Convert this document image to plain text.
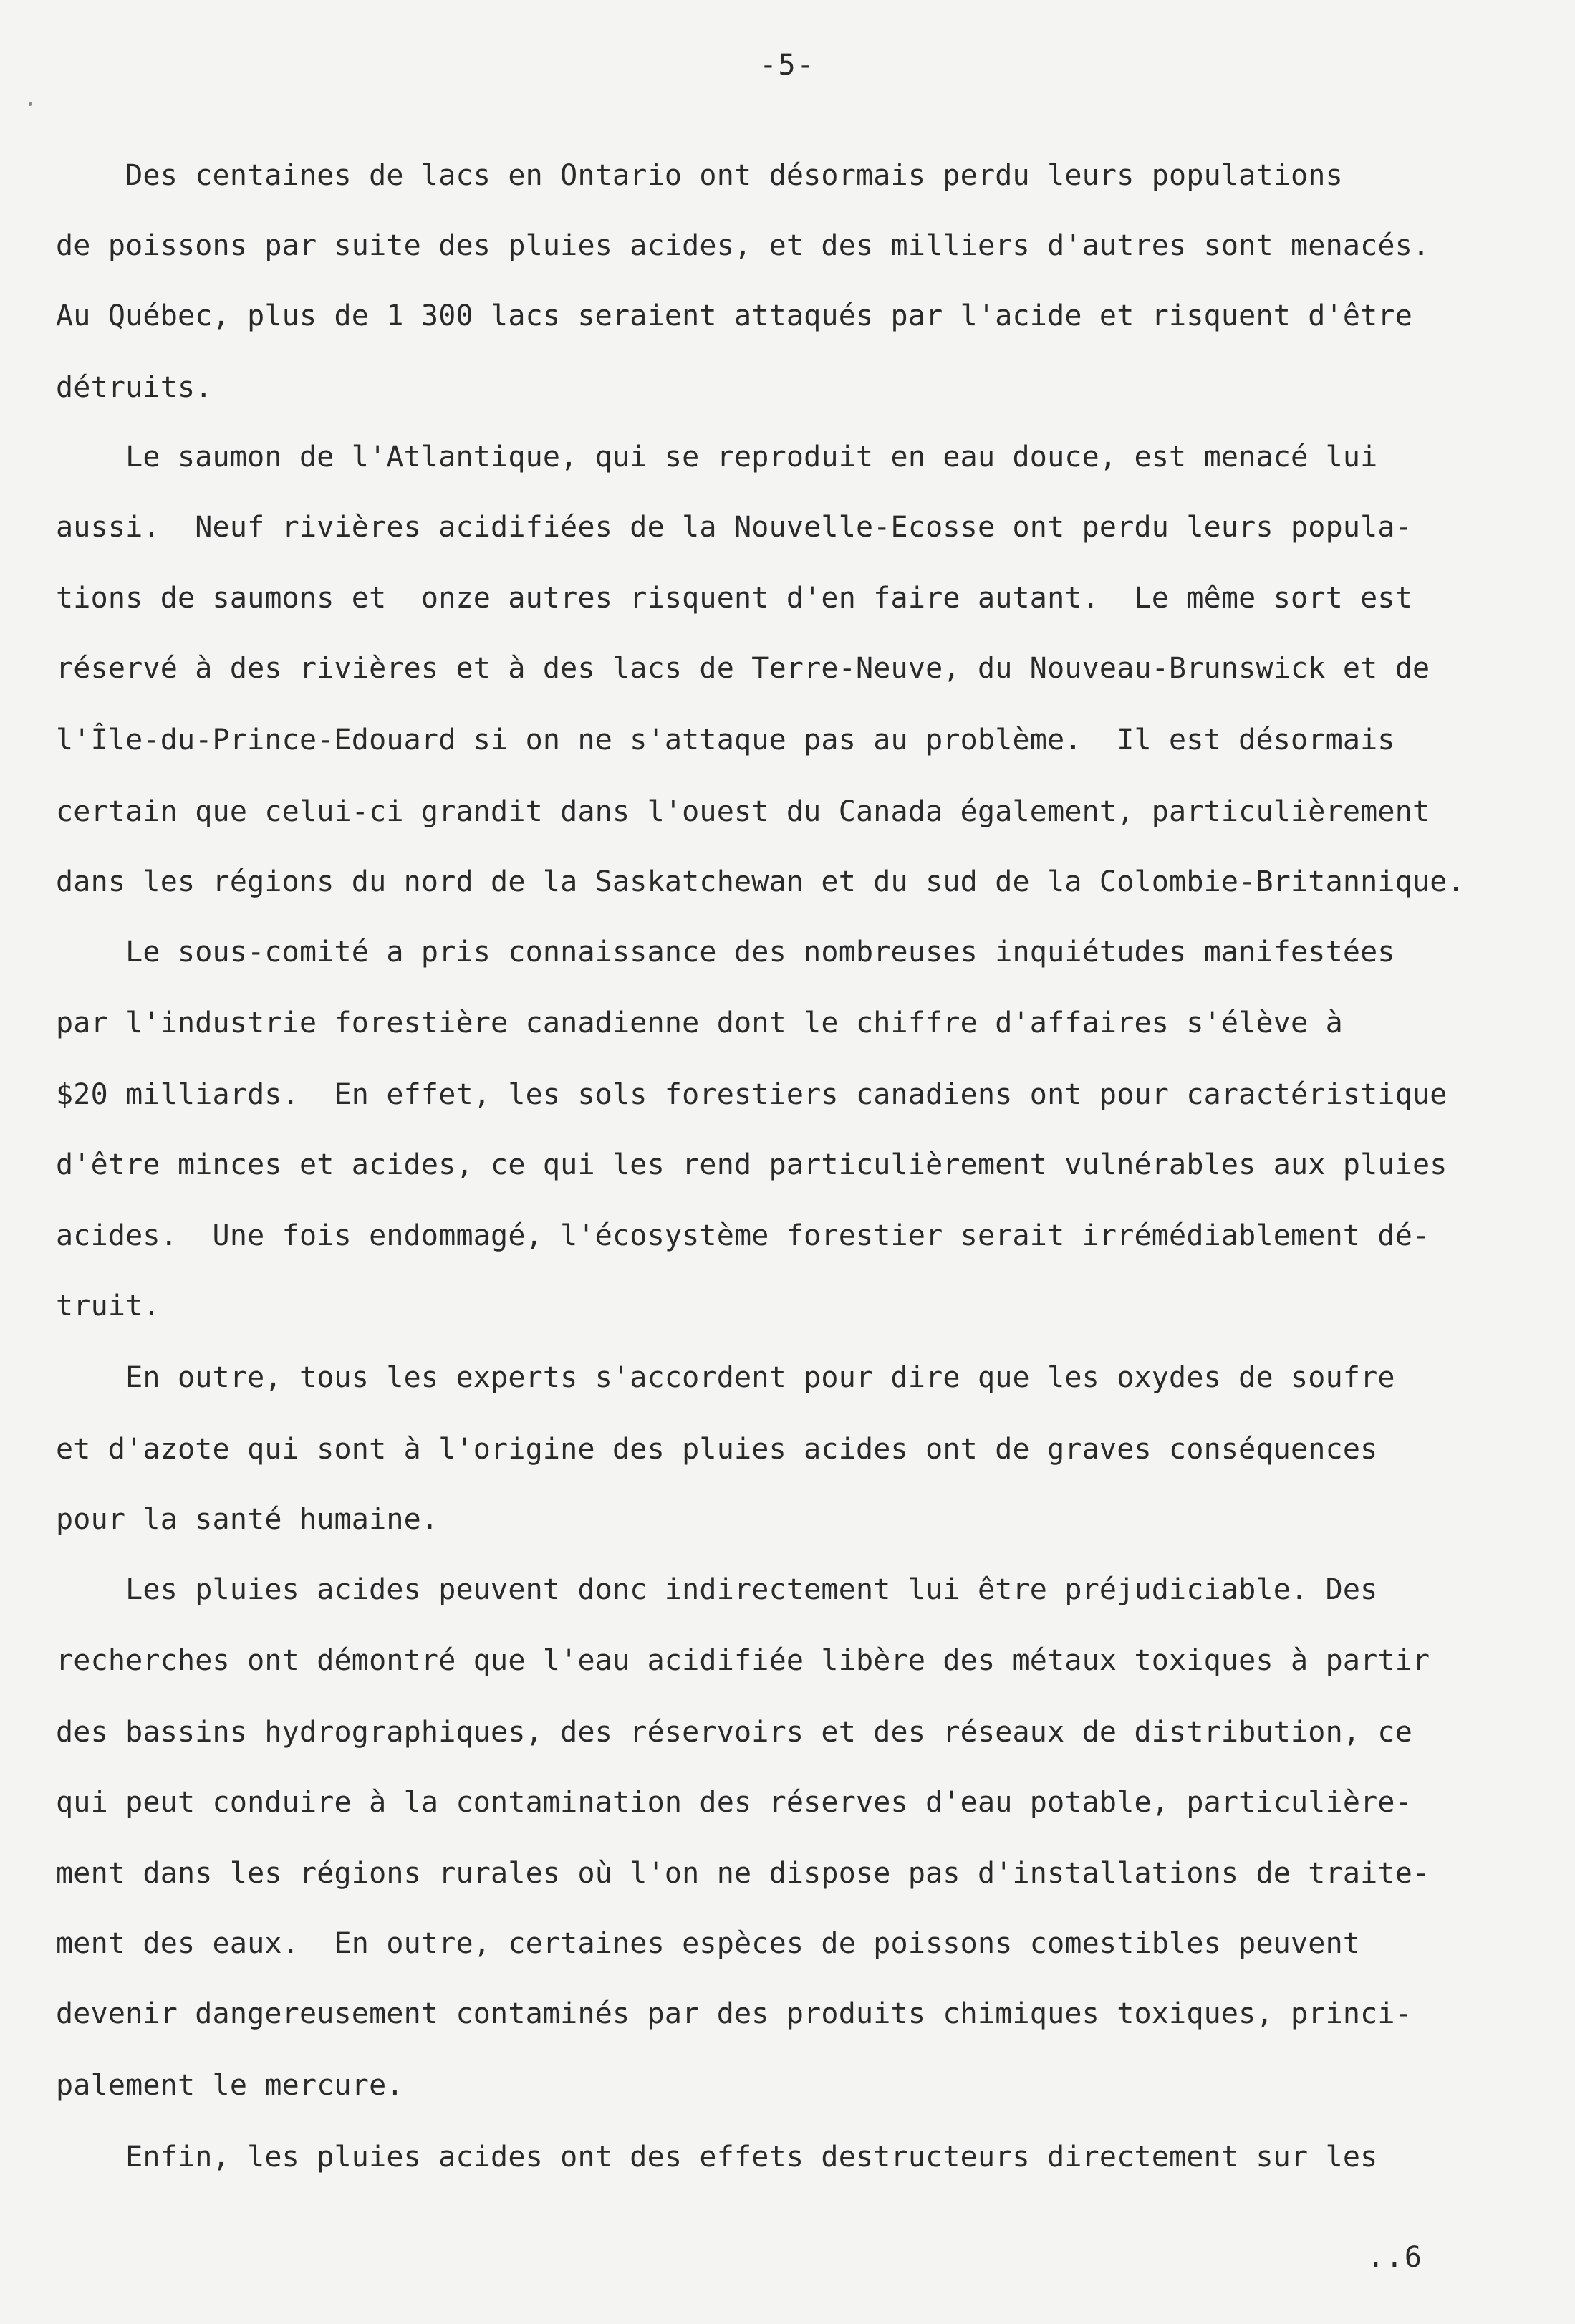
-5-
Des centaines de lacs en Ontario ont désormais perdu leurs populations
de poissons par suite des pluies acides, et des milliers d'autres sont menacés.
Au Québec, plus de 1 300 lacs seraient attaqués par l'acide et risquent d'être
détruits.
Le saumon de l'Atlantique, qui se reproduit en eau douce, est menacé lui
aussi.  Neuf rivières acidifiées de la Nouvelle-Ecosse ont perdu leurs popula-
tions de saumons et  onze autres risquent d'en faire autant.  Le même sort est
réservé à des rivières et à des lacs de Terre-Neuve, du Nouveau-Brunswick et de
l'Île-du-Prince-Edouard si on ne s'attaque pas au problème.  Il est désormais
certain que celui-ci grandit dans l'ouest du Canada également, particulièrement
dans les régions du nord de la Saskatchewan et du sud de la Colombie-Britannique.
Le sous-comité a pris connaissance des nombreuses inquiétudes manifestées
par l'industrie forestière canadienne dont le chiffre d'affaires s'élève à
$20 milliards.  En effet, les sols forestiers canadiens ont pour caractéristique
d'être minces et acides, ce qui les rend particulièrement vulnérables aux pluies
acides.  Une fois endommagé, l'écosystème forestier serait irrémédiablement dé-
truit.
En outre, tous les experts s'accordent pour dire que les oxydes de soufre
et d'azote qui sont à l'origine des pluies acides ont de graves conséquences
pour la santé humaine.
Les pluies acides peuvent donc indirectement lui être préjudiciable. Des
recherches ont démontré que l'eau acidifiée libère des métaux toxiques à partir
des bassins hydrographiques, des réservoirs et des réseaux de distribution, ce
qui peut conduire à la contamination des réserves d'eau potable, particulière-
ment dans les régions rurales où l'on ne dispose pas d'installations de traite-
ment des eaux.  En outre, certaines espèces de poissons comestibles peuvent
devenir dangereusement contaminés par des produits chimiques toxiques, princi-
palement le mercure.
Enfin, les pluies acides ont des effets destructeurs directement sur les
..6
